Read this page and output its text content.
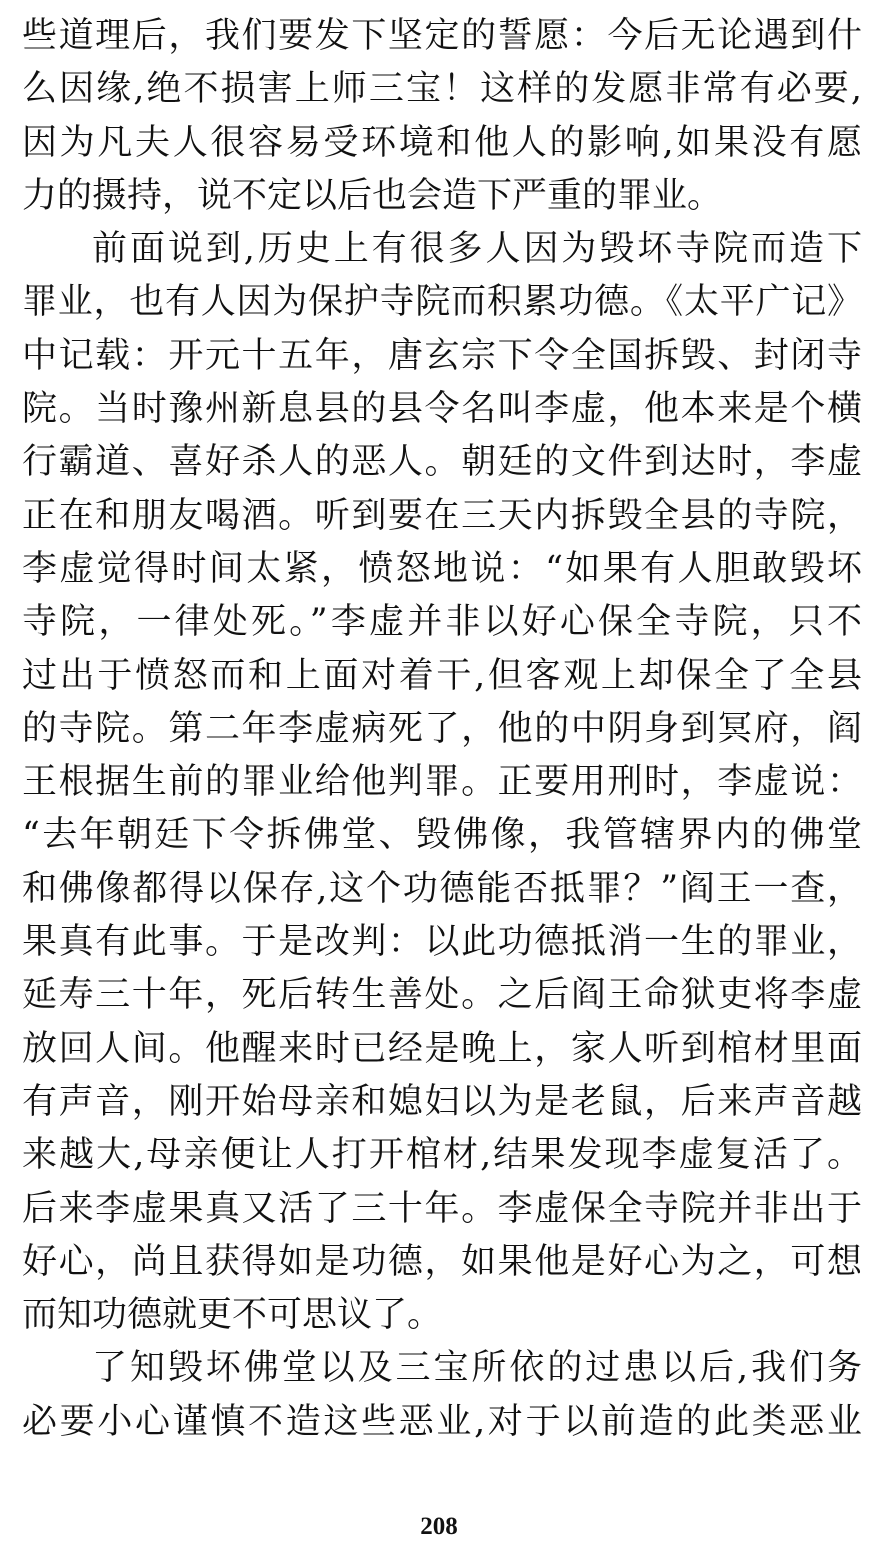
些道理后，我们要发下坚定的誓愿：今后无论遇到什
么因缘,绝不损害上师三宝！这样的发愿非常有必要,
因为凡夫人很容易受环境和他人的影响,如果没有愿
力的摄持，说不定以后也会造下严重的罪业。
前面说到,历史上有很多人因为毁坏寺院而造下
罪业，也有人因为保护寺院而积累功德。《太平广记》
中记载：开元十五年，唐玄宗下令全国拆毁、封闭寺
院。当时豫州新息县的县令名叫李虚，他本来是个横
行霸道、喜好杀人的恶人。朝廷的文件到达时，李虚
正在和朋友喝酒。听到要在三天内拆毁全县的寺院，
李虚觉得时间太紧，愤怒地说：“如果有人胆敢毁坏
寺院，一律处死。”李虚并非以好心保全寺院，只不
过出于愤怒而和上面对着干,但客观上却保全了全县
的寺院。第二年李虚病死了，他的中阴身到冥府，阎
王根据生前的罪业给他判罪。正要用刑时，李虚说：
“去年朝廷下令拆佛堂、毁佛像，我管辖界内的佛堂
和佛像都得以保存,这个功德能否抵罪？”阎王一查，
果真有此事。于是改判：以此功德抵消一生的罪业，
延寿三十年，死后转生善处。之后阎王命狱吏将李虚
放回人间。他醒来时已经是晚上，家人听到棺材里面
有声音，刚开始母亲和媳妇以为是老鼠，后来声音越
来越大,母亲便让人打开棺材,结果发现李虚复活了。
后来李虚果真又活了三十年。李虚保全寺院并非出于
好心，尚且获得如是功德，如果他是好心为之，可想
而知功德就更不可思议了。
了知毁坏佛堂以及三宝所依的过患以后,我们务
必要小心谨慎不造这些恶业,对于以前造的此类恶业
208
